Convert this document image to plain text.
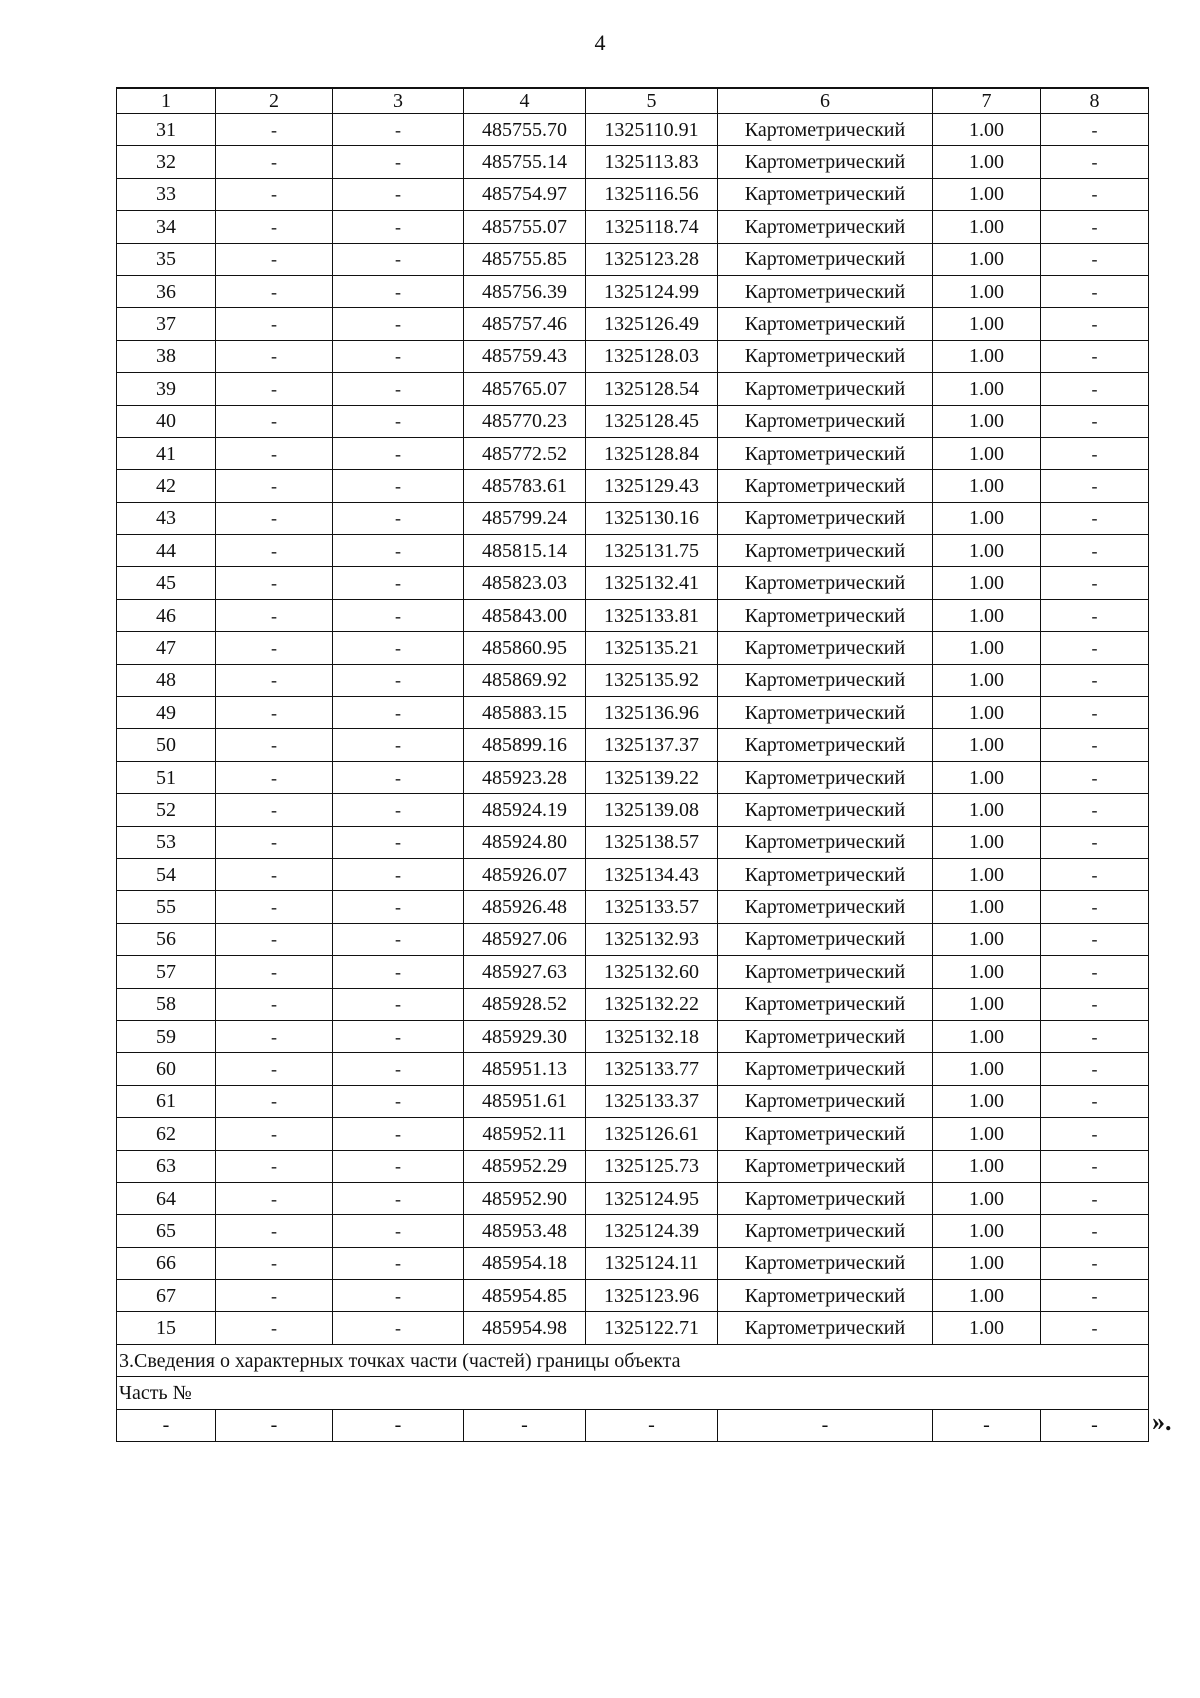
4
1	2	3	4	5	6	7	8
31	-	-	485755.70	1325110.91	Картометрический	1.00	-
32	-	-	485755.14	1325113.83	Картометрический	1.00	-
33	-	-	485754.97	1325116.56	Картометрический	1.00	-
34	-	-	485755.07	1325118.74	Картометрический	1.00	-
35	-	-	485755.85	1325123.28	Картометрический	1.00	-
36	-	-	485756.39	1325124.99	Картометрический	1.00	-
37	-	-	485757.46	1325126.49	Картометрический	1.00	-
38	-	-	485759.43	1325128.03	Картометрический	1.00	-
39	-	-	485765.07	1325128.54	Картометрический	1.00	-
40	-	-	485770.23	1325128.45	Картометрический	1.00	-
41	-	-	485772.52	1325128.84	Картометрический	1.00	-
42	-	-	485783.61	1325129.43	Картометрический	1.00	-
43	-	-	485799.24	1325130.16	Картометрический	1.00	-
44	-	-	485815.14	1325131.75	Картометрический	1.00	-
45	-	-	485823.03	1325132.41	Картометрический	1.00	-
46	-	-	485843.00	1325133.81	Картометрический	1.00	-
47	-	-	485860.95	1325135.21	Картометрический	1.00	-
48	-	-	485869.92	1325135.92	Картометрический	1.00	-
49	-	-	485883.15	1325136.96	Картометрический	1.00	-
50	-	-	485899.16	1325137.37	Картометрический	1.00	-
51	-	-	485923.28	1325139.22	Картометрический	1.00	-
52	-	-	485924.19	1325139.08	Картометрический	1.00	-
53	-	-	485924.80	1325138.57	Картометрический	1.00	-
54	-	-	485926.07	1325134.43	Картометрический	1.00	-
55	-	-	485926.48	1325133.57	Картометрический	1.00	-
56	-	-	485927.06	1325132.93	Картометрический	1.00	-
57	-	-	485927.63	1325132.60	Картометрический	1.00	-
58	-	-	485928.52	1325132.22	Картометрический	1.00	-
59	-	-	485929.30	1325132.18	Картометрический	1.00	-
60	-	-	485951.13	1325133.77	Картометрический	1.00	-
61	-	-	485951.61	1325133.37	Картометрический	1.00	-
62	-	-	485952.11	1325126.61	Картометрический	1.00	-
63	-	-	485952.29	1325125.73	Картометрический	1.00	-
64	-	-	485952.90	1325124.95	Картометрический	1.00	-
65	-	-	485953.48	1325124.39	Картометрический	1.00	-
66	-	-	485954.18	1325124.11	Картометрический	1.00	-
67	-	-	485954.85	1325123.96	Картометрический	1.00	-
15	-	-	485954.98	1325122.71	Картометрический	1.00	-
3.Сведения о характерных точках части (частей) границы объекта							
Часть №							
-	-	-	-	-	-	-	- ».
